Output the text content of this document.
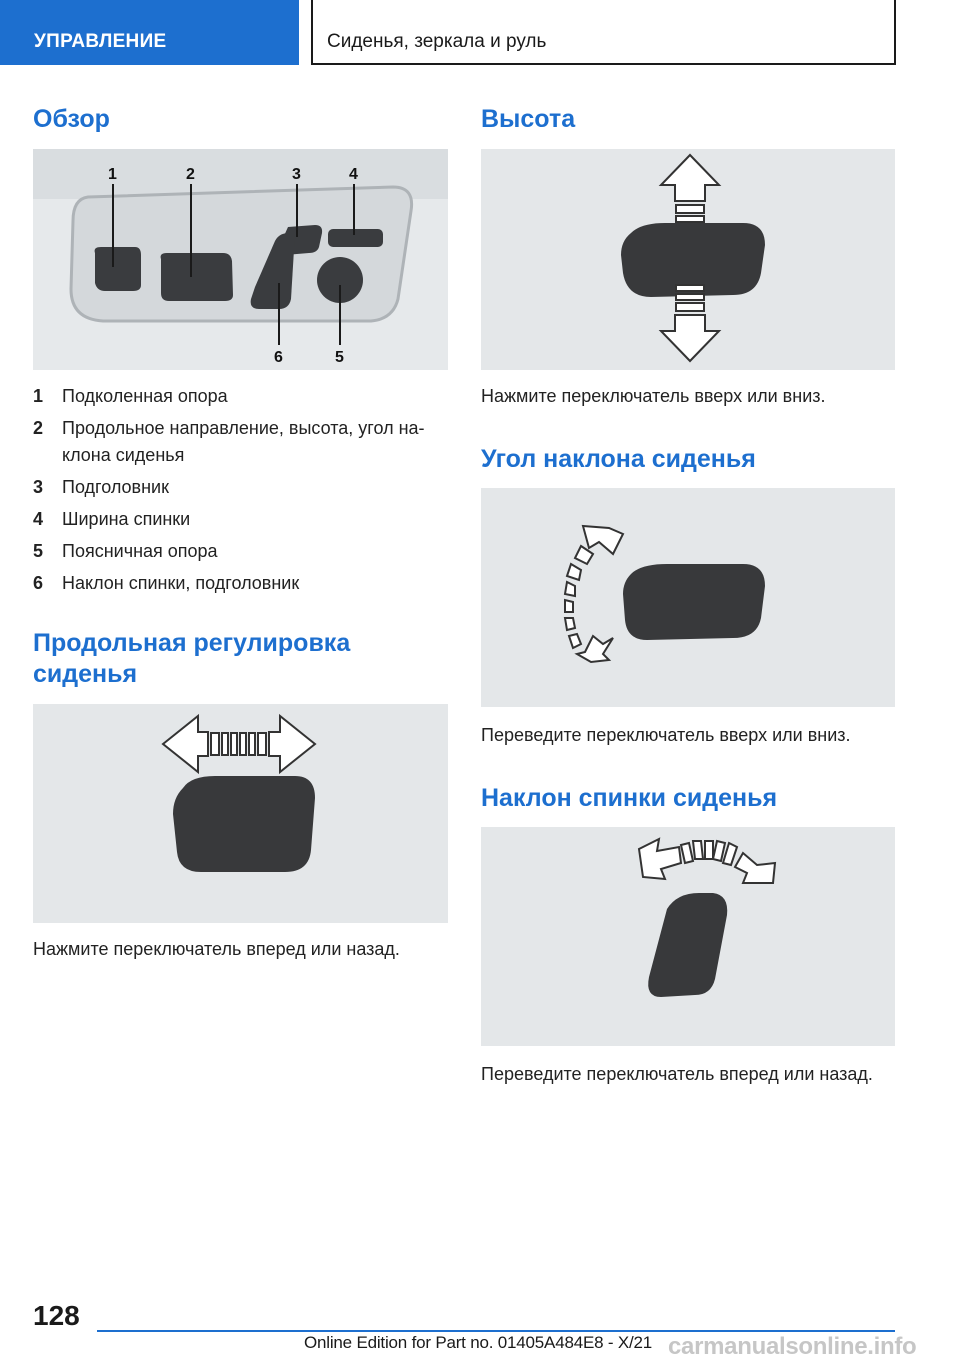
УПРАВЛЕНИЕ	Сиденья, зеркала и руль
Обзор
1	2	3	4
6	5
1 Подколенная опора
2 Продольное направление, высота, угол наклона сиденья
3 Подголовник
4 Ширина спинки
5 Поясничная опора
6 Наклон спинки, подголовник
Продольная регулировка сиденья
Нажмите переключатель вперед или назад.
Высота
Нажмите переключатель вверх или вниз.
Угол наклона сиденья
Переведите переключатель вверх или вниз.
Наклон спинки сиденья
Переведите переключатель вперед или назад.
128
Online Edition for Part no. 01405A484E8 - X/21 carmanualsonline.info
